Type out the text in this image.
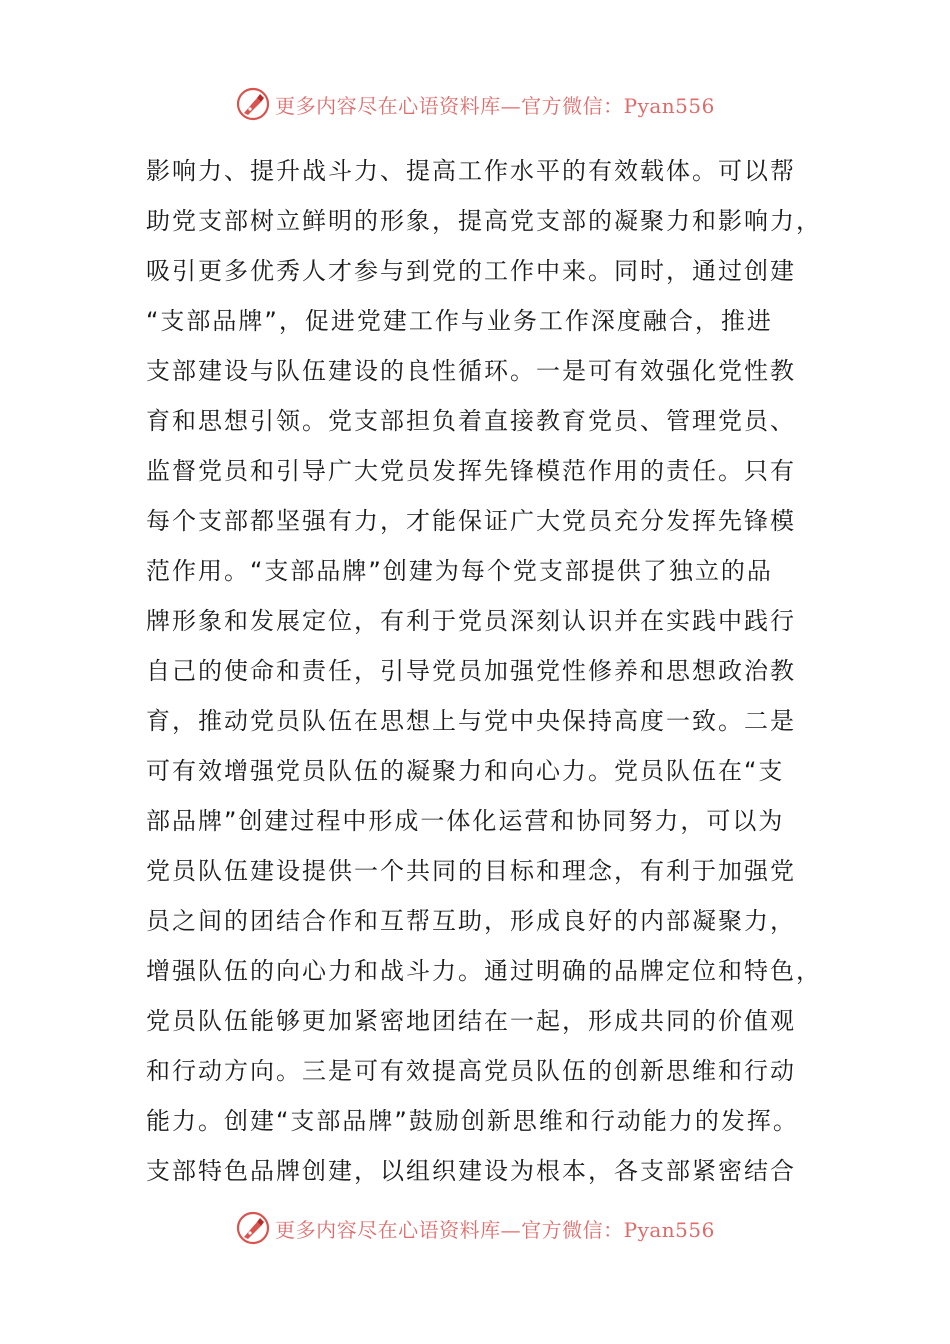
更多内容尽在心语资料库—官方微信：Pyan556
影响力、提升战斗力、提高工作水平的有效载体。可以帮
助党支部树立鲜明的形象，提高党支部的凝聚力和影响力，
吸引更多优秀人才参与到党的工作中来。同时，通过创建
“支部品牌”，促进党建工作与业务工作深度融合，推进
支部建设与队伍建设的良性循环。一是可有效强化党性教
育和思想引领。党支部担负着直接教育党员、管理党员、
监督党员和引导广大党员发挥先锋模范作用的责任。只有
每个支部都坚强有力，才能保证广大党员充分发挥先锋模
范作用。“支部品牌”创建为每个党支部提供了独立的品
牌形象和发展定位，有利于党员深刻认识并在实践中践行
自己的使命和责任，引导党员加强党性修养和思想政治教
育，推动党员队伍在思想上与党中央保持高度一致。二是
可有效增强党员队伍的凝聚力和向心力。党员队伍在“支
部品牌”创建过程中形成一体化运营和协同努力，可以为
党员队伍建设提供一个共同的目标和理念，有利于加强党
员之间的团结合作和互帮互助，形成良好的内部凝聚力，
增强队伍的向心力和战斗力。通过明确的品牌定位和特色，
党员队伍能够更加紧密地团结在一起，形成共同的价值观
和行动方向。三是可有效提高党员队伍的创新思维和行动
能力。创建“支部品牌”鼓励创新思维和行动能力的发挥。
支部特色品牌创建，以组织建设为根本，各支部紧密结合
更多内容尽在心语资料库—官方微信：Pyan556
